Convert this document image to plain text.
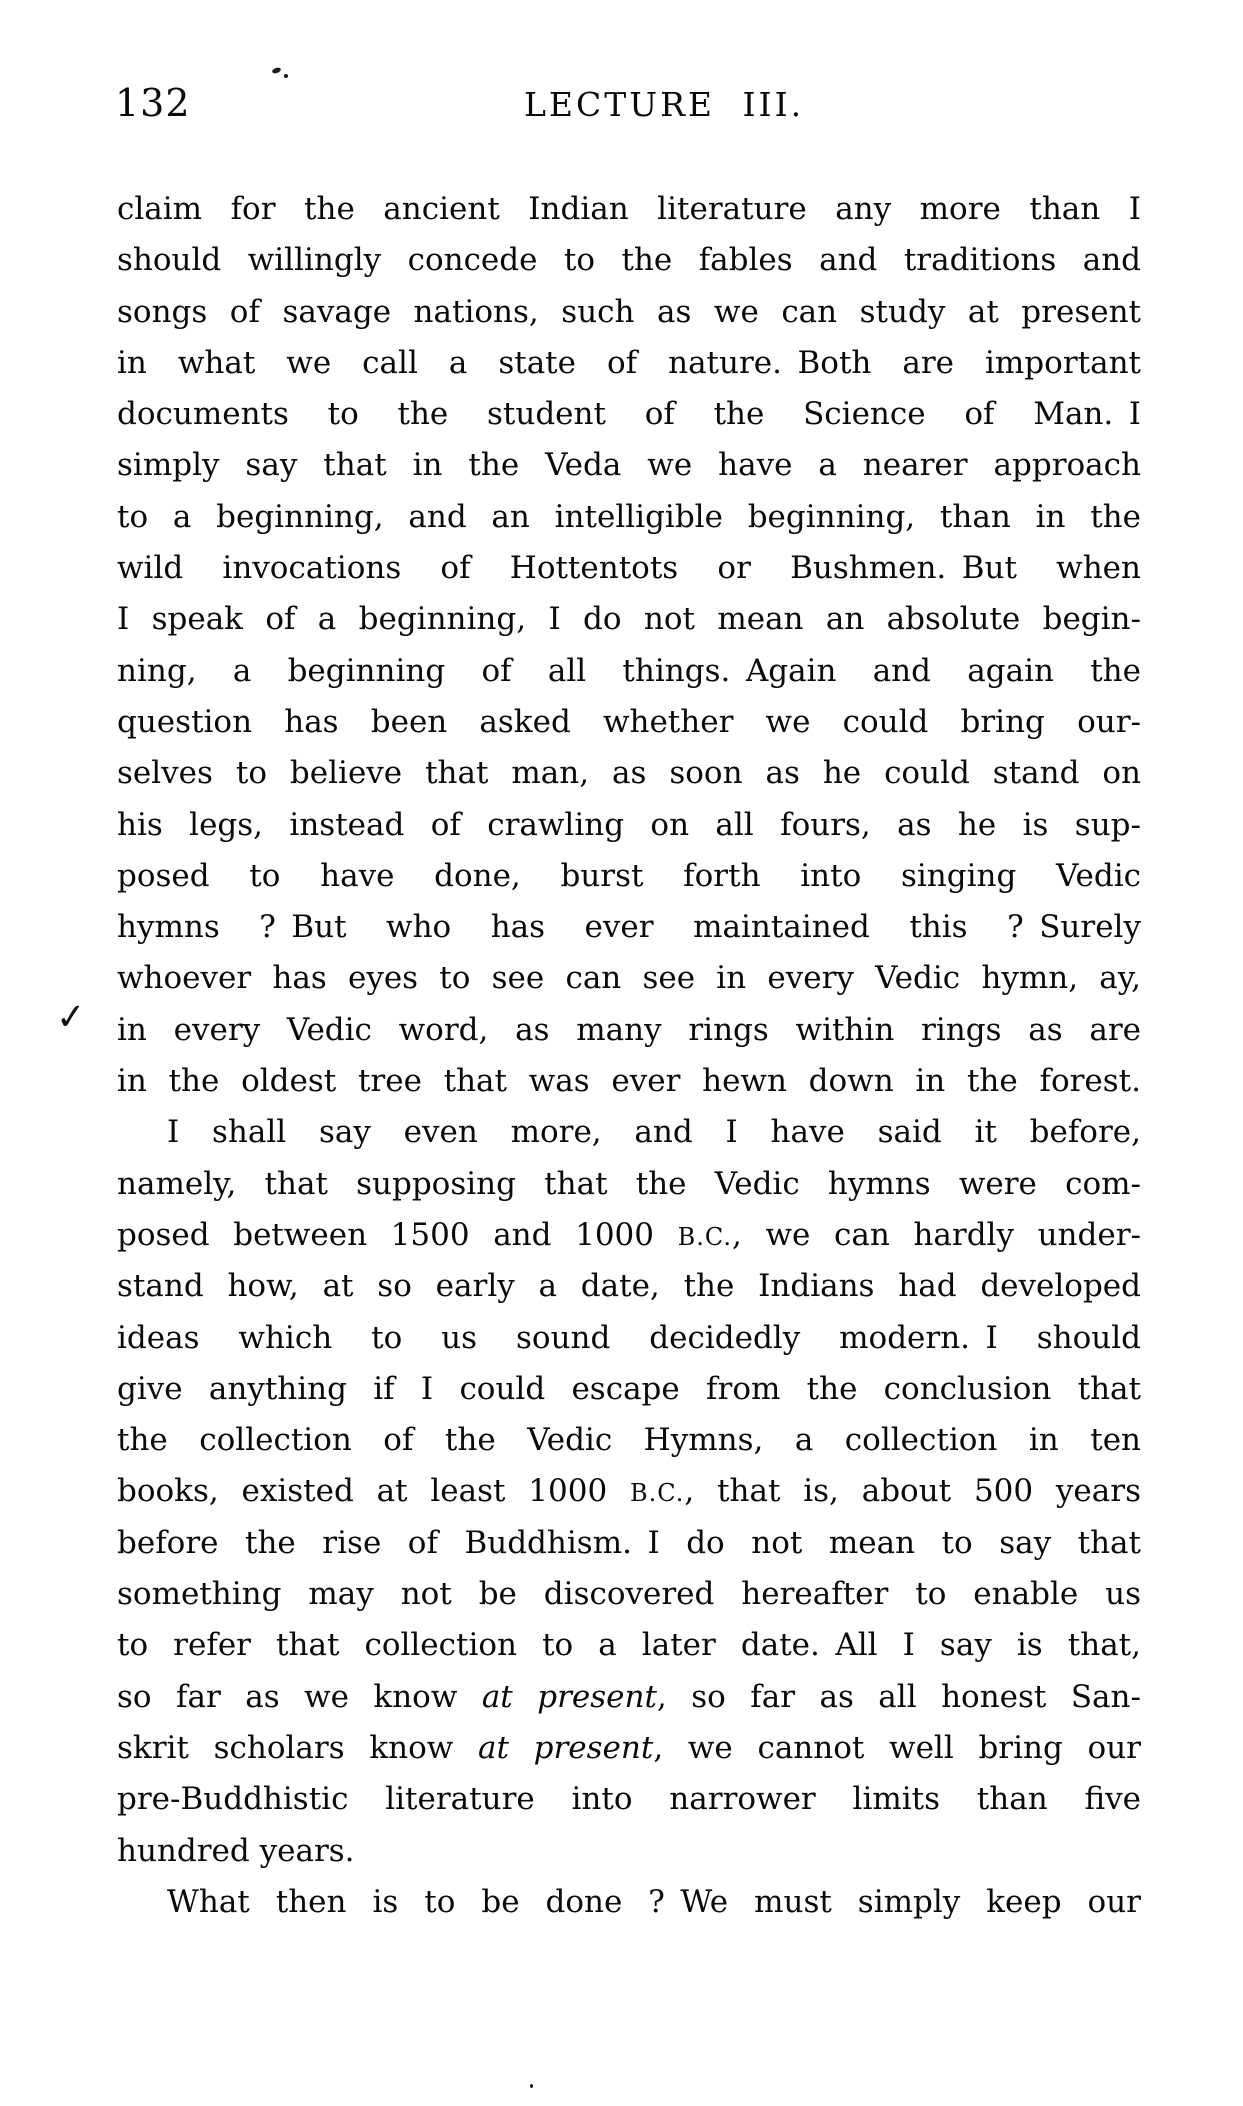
132	LECTURE III.
✓
claim for the ancient Indian literature any more than I
should willingly concede to the fables and traditions and
songs of savage nations, such as we can study at present
in what we call a state of nature. Both are important
documents to the student of the Science of Man. I
simply say that in the Veda we have a nearer approach
to a beginning, and an intelligible beginning, than in the
wild invocations of Hottentots or Bushmen. But when
I speak of a beginning, I do not mean an absolute begin-
ning, a beginning of all things. Again and again the
question has been asked whether we could bring our-
selves to believe that man, as soon as he could stand on
his legs, instead of crawling on all fours, as he is sup-
posed to have done, burst forth into singing Vedic
hymns ? But who has ever maintained this ? Surely
whoever has eyes to see can see in every Vedic hymn, ay,
in every Vedic word, as many rings within rings as are
in the oldest tree that was ever hewn down in the forest.
I shall say even more, and I have said it before,
namely, that supposing that the Vedic hymns were com-
posed between 1500 and 1000 B.C., we can hardly under-
stand how, at so early a date, the Indians had developed
ideas which to us sound decidedly modern. I should
give anything if I could escape from the conclusion that
the collection of the Vedic Hymns, a collection in ten
books, existed at least 1000 B.C., that is, about 500 years
before the rise of Buddhism. I do not mean to say that
something may not be discovered hereafter to enable us
to refer that collection to a later date. All I say is that,
so far as we know at present, so far as all honest San-
skrit scholars know at present, we cannot well bring our
pre-Buddhistic literature into narrower limits than five
hundred years.
What then is to be done ? We must simply keep our
